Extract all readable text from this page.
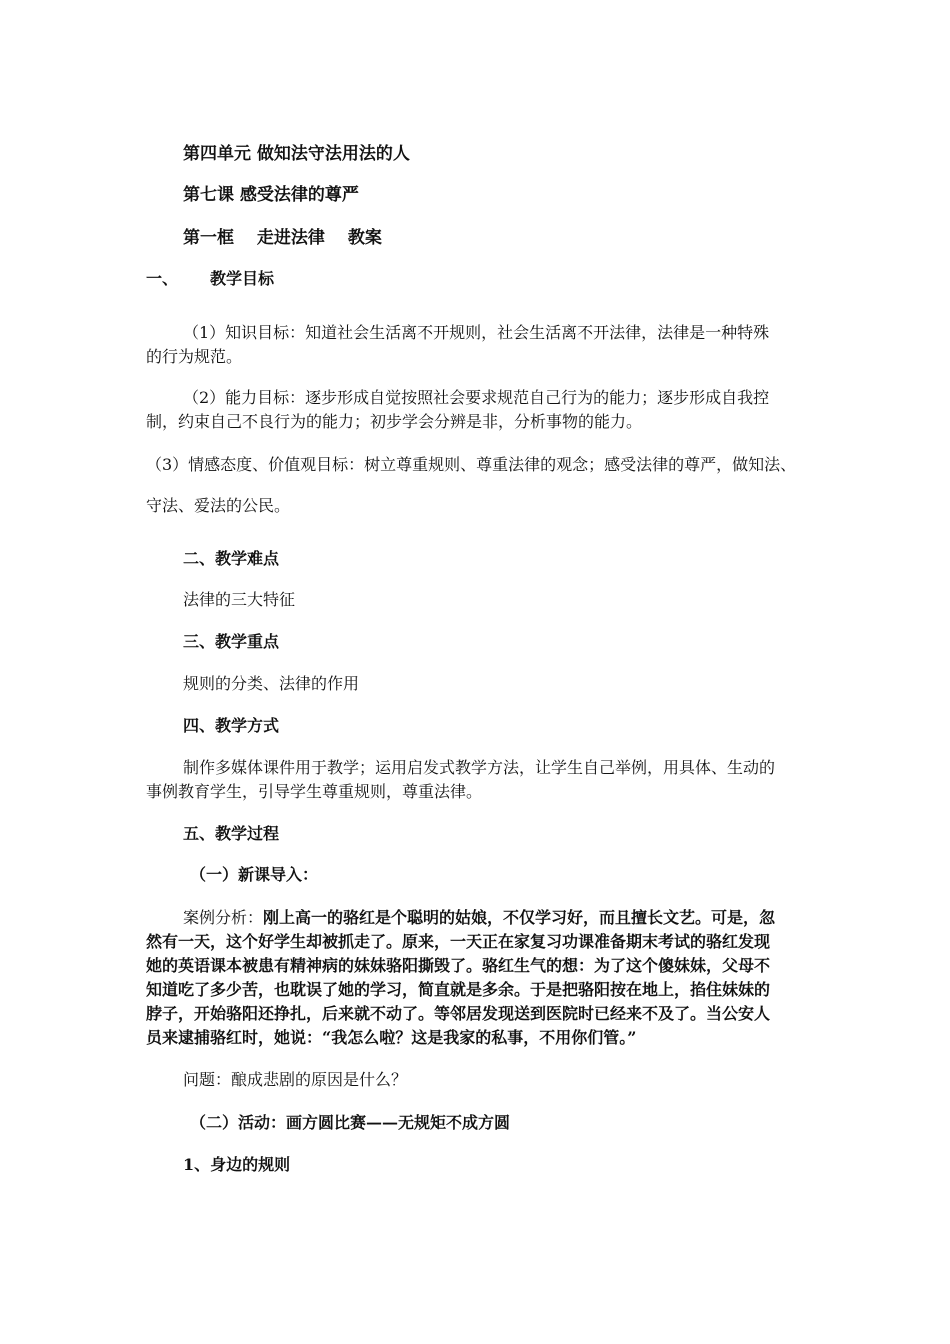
第四单元 做知法守法用法的人
第七课 感受法律的尊严
第一框　 走进法律　 教案
一、 教学目标
（1）知识目标：知道社会生活离不开规则，社会生活离不开法律，法律是一种特殊
的行为规范。
（2）能力目标：逐步形成自觉按照社会要求规范自己行为的能力；逐步形成自我控
制，约束自己不良行为的能力；初步学会分辨是非，分析事物的能力。
（3）情感态度、价值观目标：树立尊重规则、尊重法律的观念；感受法律的尊严，做知法、
守法、爱法的公民。
二、教学难点
法律的三大特征
三、教学重点
规则的分类、法律的作用
四、教学方式
制作多媒体课件用于教学；运用启发式教学方法，让学生自己举例，用具体、生动的
事例教育学生，引导学生尊重规则，尊重法律。
五、教学过程
（一）新课导入：
案例分析：刚上高一的骆红是个聪明的姑娘，不仅学习好，而且擅长文艺。可是，忽
然有一天，这个好学生却被抓走了。原来，一天正在家复习功课准备期末考试的骆红发现
她的英语课本被患有精神病的妹妹骆阳撕毁了。骆红生气的想：为了这个傻妹妹，父母不
知道吃了多少苦，也耽误了她的学习，简直就是多余。于是把骆阳按在地上，掐住妹妹的
脖子，开始骆阳还挣扎，后来就不动了。等邻居发现送到医院时已经来不及了。当公安人
员来逮捕骆红时，她说：“我怎么啦？这是我家的私事，不用你们管。”
问题：酿成悲剧的原因是什么？
（二）活动：画方圆比赛——无规矩不成方圆
1、身边的规则
